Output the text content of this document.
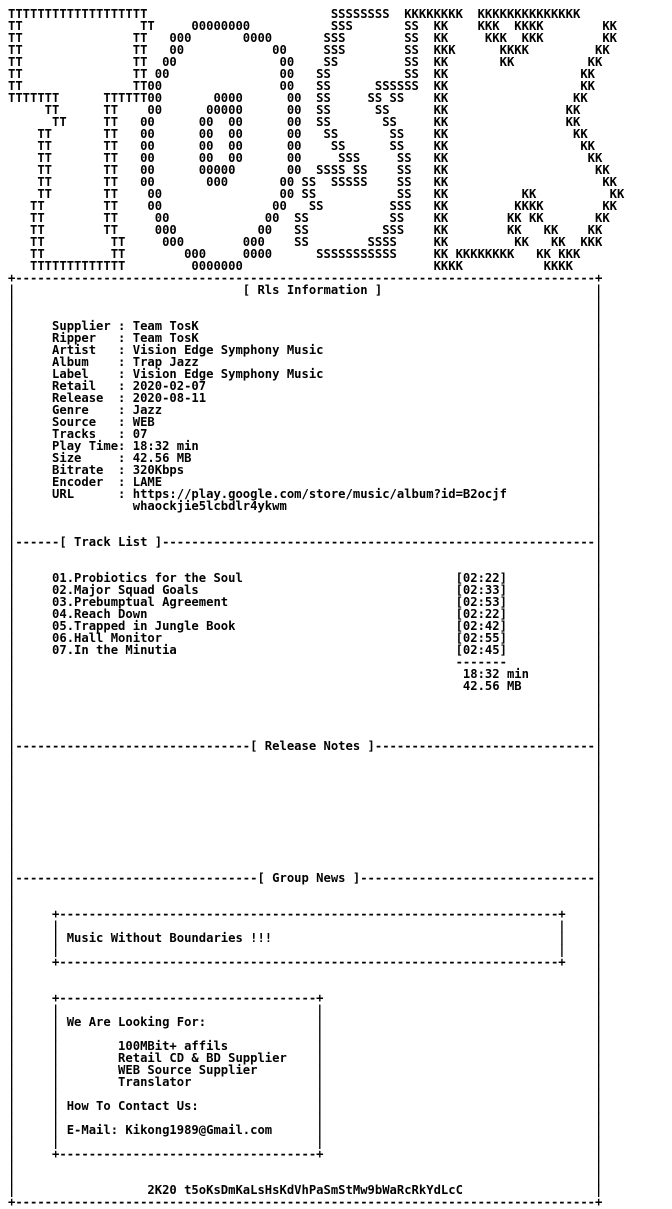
TTTTTTTTTTTTTTTTTTT                         SSSSSSSS  KKKKKKKK  KKKKKKKKKKKKKK
TT                TT     00000000           SSS       SS  KK    KKK  KKKK        KK
TT               TT   000       0000       SSS        SS  KK     KKK  KKK        KK
TT               TT   00            00     SSS        SS  KKK      KKKK         KK
TT               TT  00              00    SS         SS  KK       KK          KK
TT               TT 00               00   SS          SS  KK                  KK
TT               TT00                00   SS      SSSSSS  KK                  KK
TTTTTTT      TTTTTT00       0000      00  SS     SS SS    KK                 KK
TT      TT    00      00000      00  SS      SS      KK                KK
TT     TT   00      00  00      00  SS       SS     KK                KK
TT       TT   00      00  00      00   SS       SS    KK                 KK
TT       TT   00      00  00      00    SS      SS    KK                  KK
TT       TT   00      00  00      00     SSS     SS   KK                   KK
TT       TT   00      00000       00  SSSS SS    SS   KK                    KK
TT       TT   00       000       00 SS  SSSSS    SS   KK                     KK
TT       TT    00                00 SS           SS   KK          KK          KK
TT        TT    00               00   SS         SSS   KK         KKKK        KK
TT        TT     00             00  SS           SS    KK        KK KK       KK
TT        TT     000           00   SS          SSS    KK        KK   KK    KK
TT         TT     000        000    SS        SSSS     KK         KK   KK  KKK
TT         TT        000     0000      SSSSSSSSSSS     KK KKKKKKKK   KK KKK
TTTTTTTTTTTTT         0000000                          KKKK           KKKK
+-------------------------------------------------------------------------------+
|                               [ Rls Information ]                             |
|                                                                               |
|                                                                               |
|     Supplier : Team TosK                                                      |
|     Ripper   : Team TosK                                                      |
|     Artist   : Vision Edge Symphony Music                                     |
|     Album    : Trap Jazz                                                      |
|     Label    : Vision Edge Symphony Music                                     |
|     Retail   : 2020-02-07                                                     |
|     Release  : 2020-08-11                                                     |
|     Genre    : Jazz                                                           |
|     Source   : WEB                                                            |
|     Tracks   : 07                                                             |
|     Play Time: 18:32 min                                                      |
|     Size     : 42.56 MB                                                       |
|     Bitrate  : 320Kbps                                                        |
|     Encoder  : LAME                                                           |
|     URL      : https://play.google.com/store/music/album?id=B2ocjf            |
|                whaockjie5lcbdlr4ykwm                                          |
|                                                                               |
|                                                                               |
|------[ Track List ]-----------------------------------------------------------|
|                                                                               |
|                                                                               |
|     01.Probiotics for the Soul                             [02:22]            |
|     02.Major Squad Goals                                   [02:33]            |
|     03.Prebumptual Agreement                               [02:53]            |
|     04.Reach Down                                          [02:22]            |
|     05.Trapped in Jungle Book                              [02:42]            |
|     06.Hall Monitor                                        [02:55]            |
|     07.In the Minutia                                      [02:45]            |
|                                                            -------            |
|                                                             18:32 min         |
|                                                             42.56 MB          |
|                                                                               |
|                                                                               |
|                                                                               |
|                                                                               |
|--------------------------------[ Release Notes ]------------------------------|
|                                                                               |
|                                                                               |
|                                                                               |
|                                                                               |
|                                                                               |
|                                                                               |
|                                                                               |
|                                                                               |
|                                                                               |
|                                                                               |
|---------------------------------[ Group News ]--------------------------------|
|                                                                               |
|                                                                               |
|     +--------------------------------------------------------------------+    |
|     |                                                                    |    |
|     | Music Without Boundaries !!!                                       |    |
|     |                                                                    |    |
|     +--------------------------------------------------------------------+    |
|                                                                               |
|                                                                               |
|     +-----------------------------------+                                     |
|     |                                   |                                     |
|     | We Are Looking For:               |                                     |
|     |                                   |                                     |
|     |        100MBit+ affils            |                                     |
|     |        Retail CD & BD Supplier    |                                     |
|     |        WEB Source Supplier        |                                     |
|     |        Translator                 |                                     |
|     |                                   |                                     |
|     | How To Contact Us:                |                                     |
|     |                                   |                                     |
|     | E-Mail: Kikong1989@Gmail.com      |                                     |
|     |                                   |                                     |
|     +-----------------------------------+                                     |
|                                                                               |
|                                                                               |
|                  2K20 t5oKsDmKaLsHsKdVhPaSmStMw9bWaRcRkYdLcC                  |
+-------------------------------------------------------------------------------+
